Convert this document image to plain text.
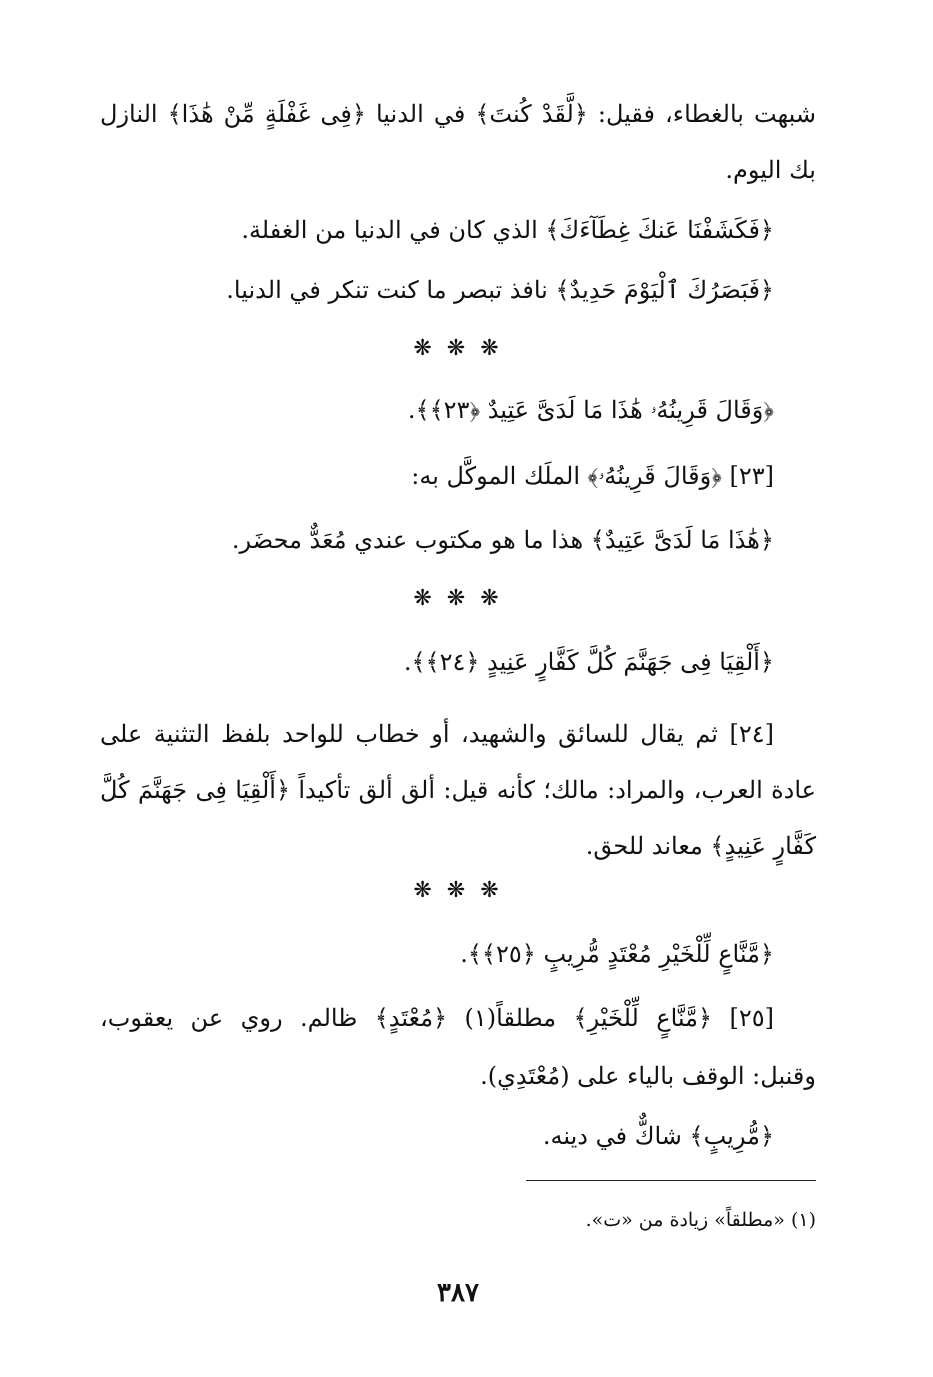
شبهت بالغطاء، فقيل: ﴿لَّقَدْ كُنتَ﴾ في الدنيا ﴿فِى غَفْلَةٍ مِّنْ هَٰذَا﴾ النازل
بك اليوم.
﴿فَكَشَفْنَا عَنكَ غِطَآءَكَ﴾ الذي كان في الدنيا من الغفلة.
﴿فَبَصَرُكَ ٱلْيَوْمَ حَدِيدٌ﴾ نافذ تبصر ما كنت تنكر في الدنيا.
❋ ❋ ❋
﴿وَقَالَ قَرِينُهُۥ هَٰذَا مَا لَدَىَّ عَتِيدٌ ﴿٢٣﴾﴾.
[٢٣] ﴿وَقَالَ قَرِينُهُۥ﴾ الملَك الموكَّل به:
﴿هَٰذَا مَا لَدَىَّ عَتِيدٌ﴾ هذا ما هو مكتوب عندي مُعَدٌّ محضَر.
❋ ❋ ❋
﴿أَلْقِيَا فِى جَهَنَّمَ كُلَّ كَفَّارٍ عَنِيدٍ ﴿٢٤﴾﴾.
[٢٤] ثم يقال للسائق والشهيد، أو خطاب للواحد بلفظ التثنية على
عادة العرب، والمراد: مالك؛ كأنه قيل: ألق ألق تأكيداً ﴿أَلْقِيَا فِى جَهَنَّمَ كُلَّ
كَفَّارٍ عَنِيدٍ﴾ معاند للحق.
❋ ❋ ❋
﴿مَّنَّاعٍ لِّلْخَيْرِ مُعْتَدٍ مُّرِيبٍ ﴿٢٥﴾﴾.
[٢٥] ﴿مَّنَّاعٍ لِّلْخَيْرِ﴾ مطلقاً(١) ﴿مُعْتَدٍ﴾ ظالم. روي عن يعقوب،
وقنبل: الوقف بالياء على (مُعْتَدِي).
﴿مُّرِيبٍ﴾ شاكٌّ في دينه.
(١) «مطلقاً» زيادة من «ت».
٣٨٧
